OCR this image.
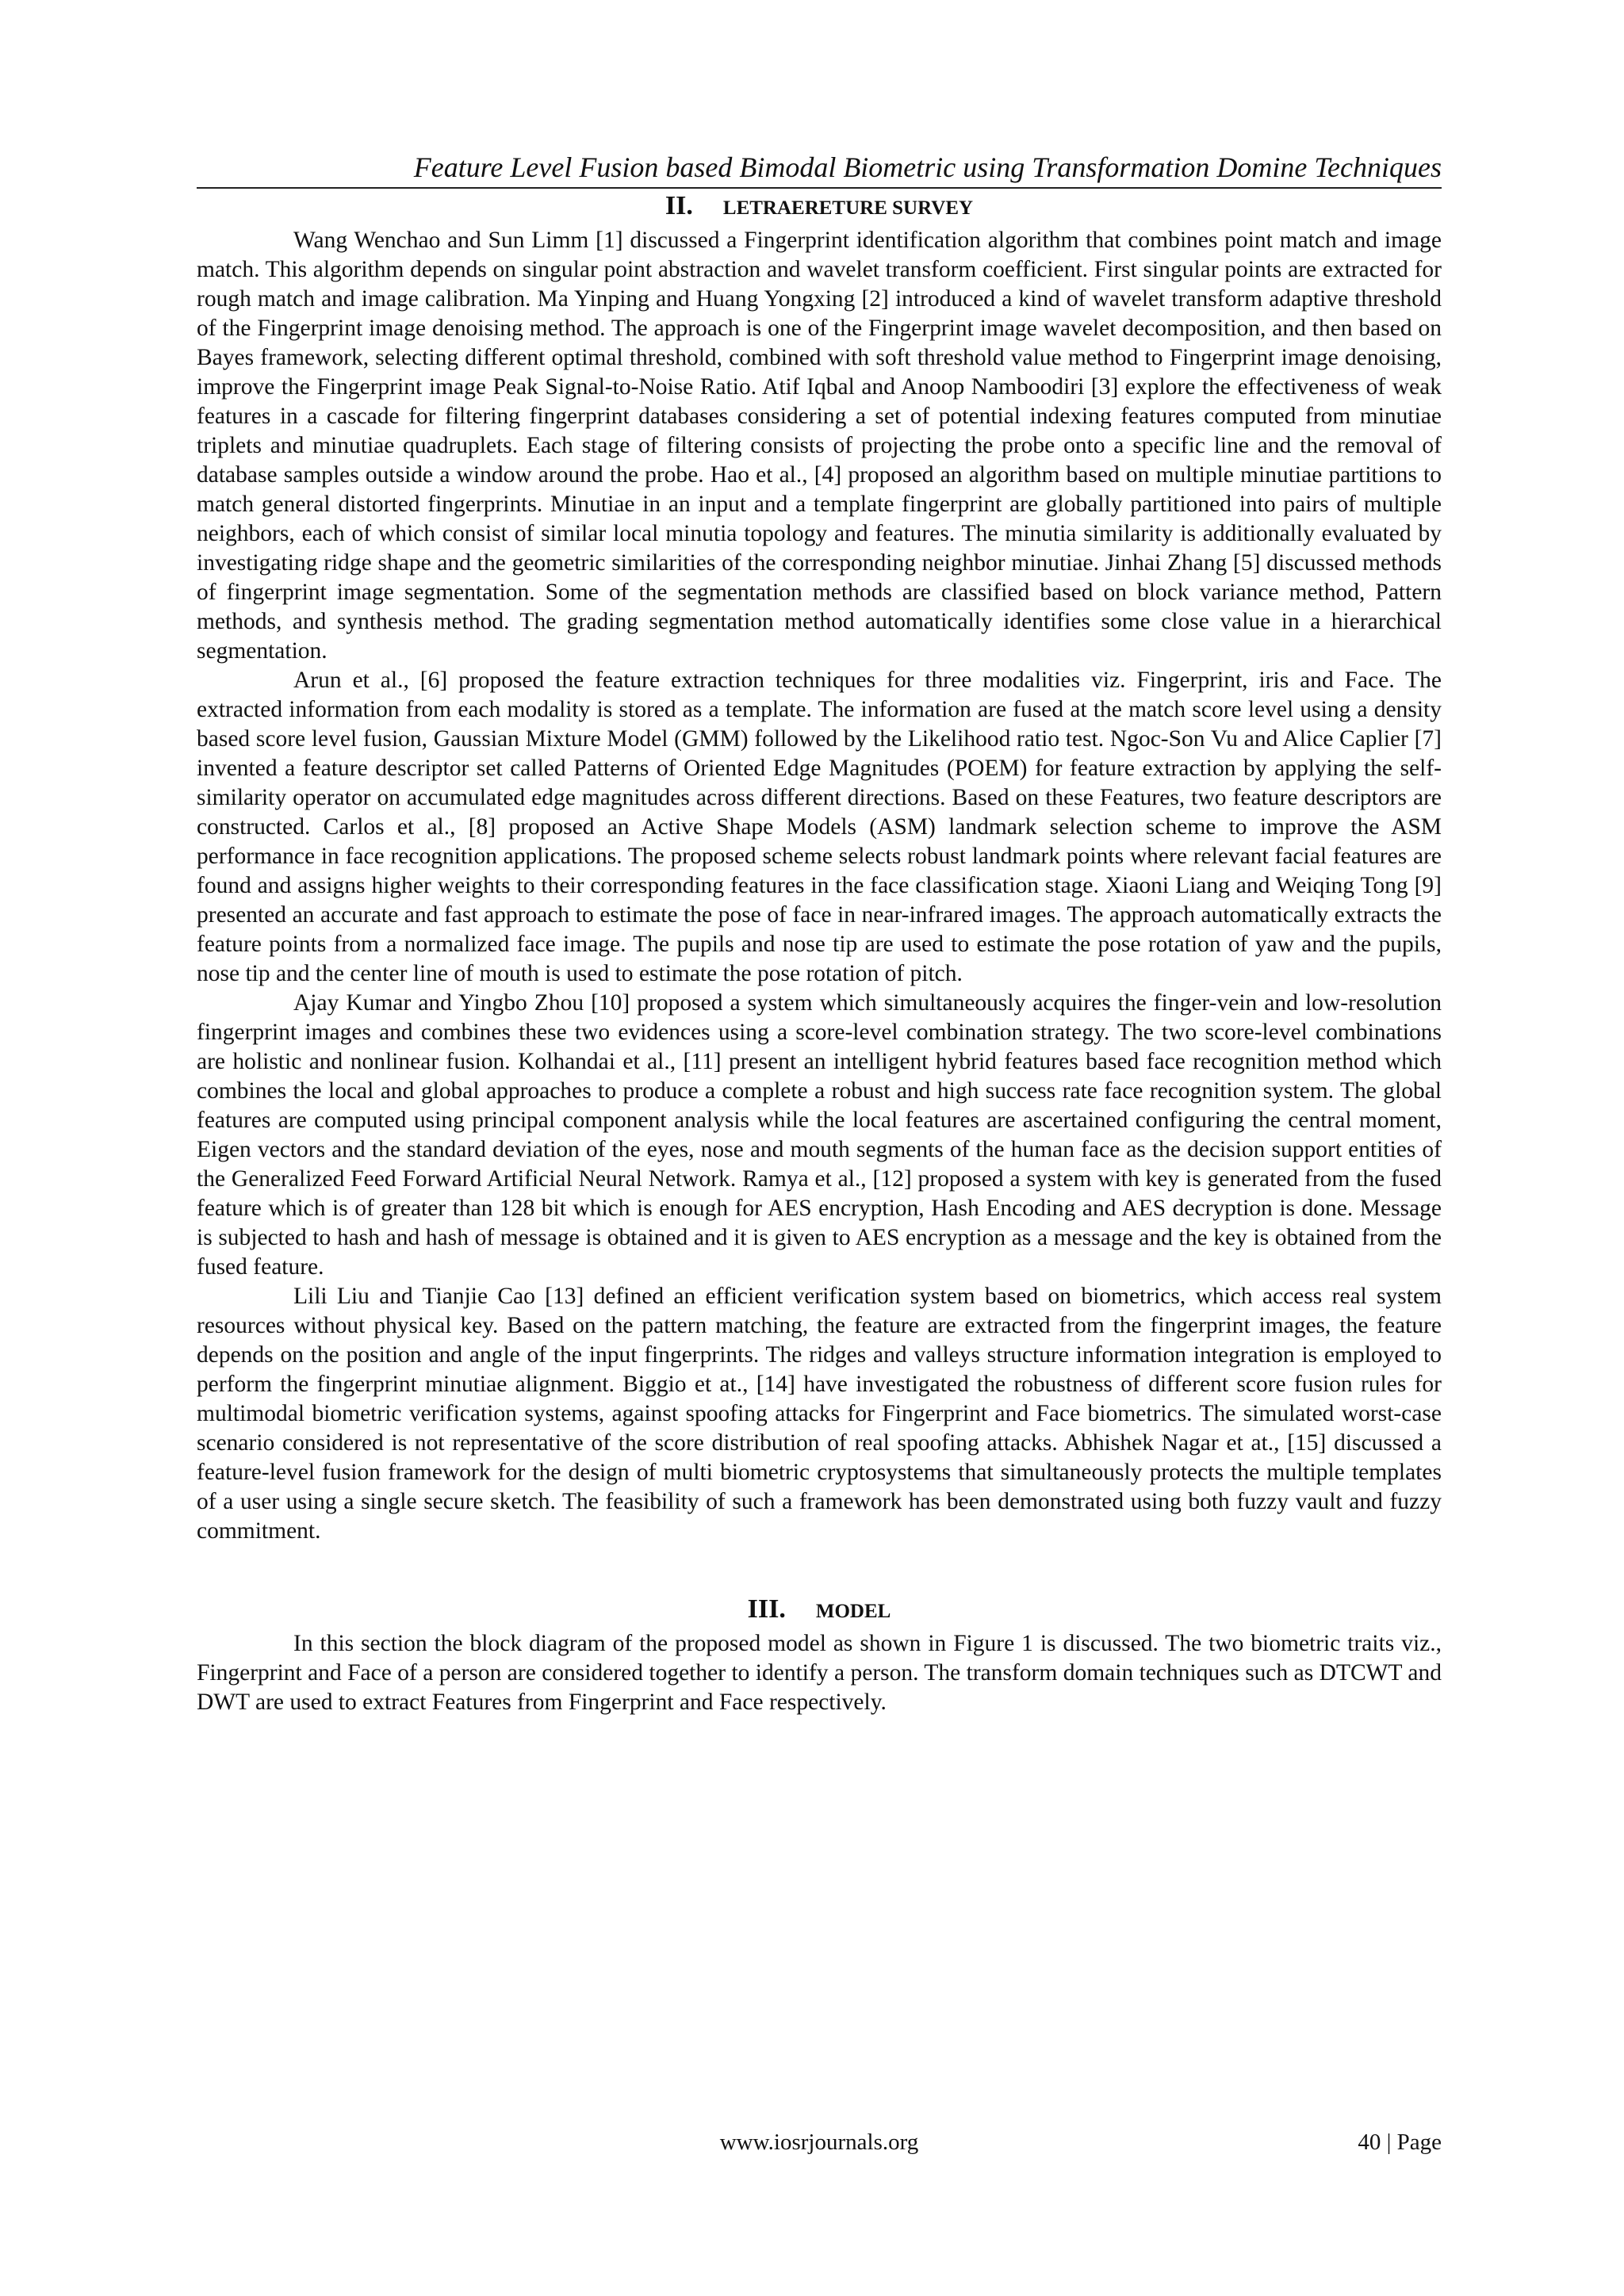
Feature Level Fusion based Bimodal Biometric using Transformation Domine Techniques
II. LETRAERETURE SURVEY

Wang Wenchao and Sun Limm [1] discussed a Fingerprint identification algorithm that combines point match and image match. This algorithm depends on singular point abstraction and wavelet transform coefficient. First singular points are extracted for rough match and image calibration. Ma Yinping and Huang Yongxing [2] introduced a kind of wavelet transform adaptive threshold of the Fingerprint image denoising method. The approach is one of the Fingerprint image wavelet decomposition, and then based on Bayes framework, selecting different optimal threshold, combined with soft threshold value method to Fingerprint image denoising, improve the Fingerprint image Peak Signal-to-Noise Ratio. Atif Iqbal and Anoop Namboodiri [3] explore the effectiveness of weak features in a cascade for filtering fingerprint databases considering a set of potential indexing features computed from minutiae triplets and minutiae quadruplets. Each stage of filtering consists of projecting the probe onto a specific line and the removal of database samples outside a window around the probe. Hao et al., [4] proposed an algorithm based on multiple minutiae partitions to match general distorted fingerprints. Minutiae in an input and a template fingerprint are globally partitioned into pairs of multiple neighbors, each of which consist of similar local minutia topology and features. The minutia similarity is additionally evaluated by investigating ridge shape and the geometric similarities of the corresponding neighbor minutiae. Jinhai Zhang [5] discussed methods of fingerprint image segmentation. Some of the segmentation methods are classified based on block variance method, Pattern methods, and synthesis method. The grading segmentation method automatically identifies some close value in a hierarchical segmentation.

Arun et al., [6] proposed the feature extraction techniques for three modalities viz. Fingerprint, iris and Face. The extracted information from each modality is stored as a template. The information are fused at the match score level using a density based score level fusion, Gaussian Mixture Model (GMM) followed by the Likelihood ratio test. Ngoc-Son Vu and Alice Caplier [7] invented a feature descriptor set called Patterns of Oriented Edge Magnitudes (POEM) for feature extraction by applying the self-similarity operator on accumulated edge magnitudes across different directions. Based on these Features, two feature descriptors are constructed. Carlos et al., [8] proposed an Active Shape Models (ASM) landmark selection scheme to improve the ASM performance in face recognition applications. The proposed scheme selects robust landmark points where relevant facial features are found and assigns higher weights to their corresponding features in the face classification stage. Xiaoni Liang and Weiqing Tong [9] presented an accurate and fast approach to estimate the pose of face in near-infrared images. The approach automatically extracts the feature points from a normalized face image. The pupils and nose tip are used to estimate the pose rotation of yaw and the pupils, nose tip and the center line of mouth is used to estimate the pose rotation of pitch.

Ajay Kumar and Yingbo Zhou [10] proposed a system which simultaneously acquires the finger-vein and low-resolution fingerprint images and combines these two evidences using a score-level combination strategy. The two score-level combinations are holistic and nonlinear fusion. Kolhandai et al., [11] present an intelligent hybrid features based face recognition method which combines the local and global approaches to produce a complete a robust and high success rate face recognition system. The global features are computed using principal component analysis while the local features are ascertained configuring the central moment, Eigen vectors and the standard deviation of the eyes, nose and mouth segments of the human face as the decision support entities of the Generalized Feed Forward Artificial Neural Network. Ramya et al., [12] proposed a system with key is generated from the fused feature which is of greater than 128 bit which is enough for AES encryption, Hash Encoding and AES decryption is done. Message is subjected to hash and hash of message is obtained and it is given to AES encryption as a message and the key is obtained from the fused feature.

Lili Liu and Tianjie Cao [13] defined an efficient verification system based on biometrics, which access real system resources without physical key. Based on the pattern matching, the feature are extracted from the fingerprint images, the feature depends on the position and angle of the input fingerprints. The ridges and valleys structure information integration is employed to perform the fingerprint minutiae alignment. Biggio et at., [14] have investigated the robustness of different score fusion rules for multimodal biometric verification systems, against spoofing attacks for Fingerprint and Face biometrics. The simulated worst-case scenario considered is not representative of the score distribution of real spoofing attacks. Abhishek Nagar et at., [15] discussed a feature-level fusion framework for the design of multi biometric cryptosystems that simultaneously protects the multiple templates of a user using a single secure sketch. The feasibility of such a framework has been demonstrated using both fuzzy vault and fuzzy commitment.

III. MODEL

In this section the block diagram of the proposed model as shown in Figure 1 is discussed. The two biometric traits viz., Fingerprint and Face of a person are considered together to identify a person. The transform domain techniques such as DTCWT and DWT are used to extract Features from Fingerprint and Face respectively.

www.iosrjournals.org	40 | Page
